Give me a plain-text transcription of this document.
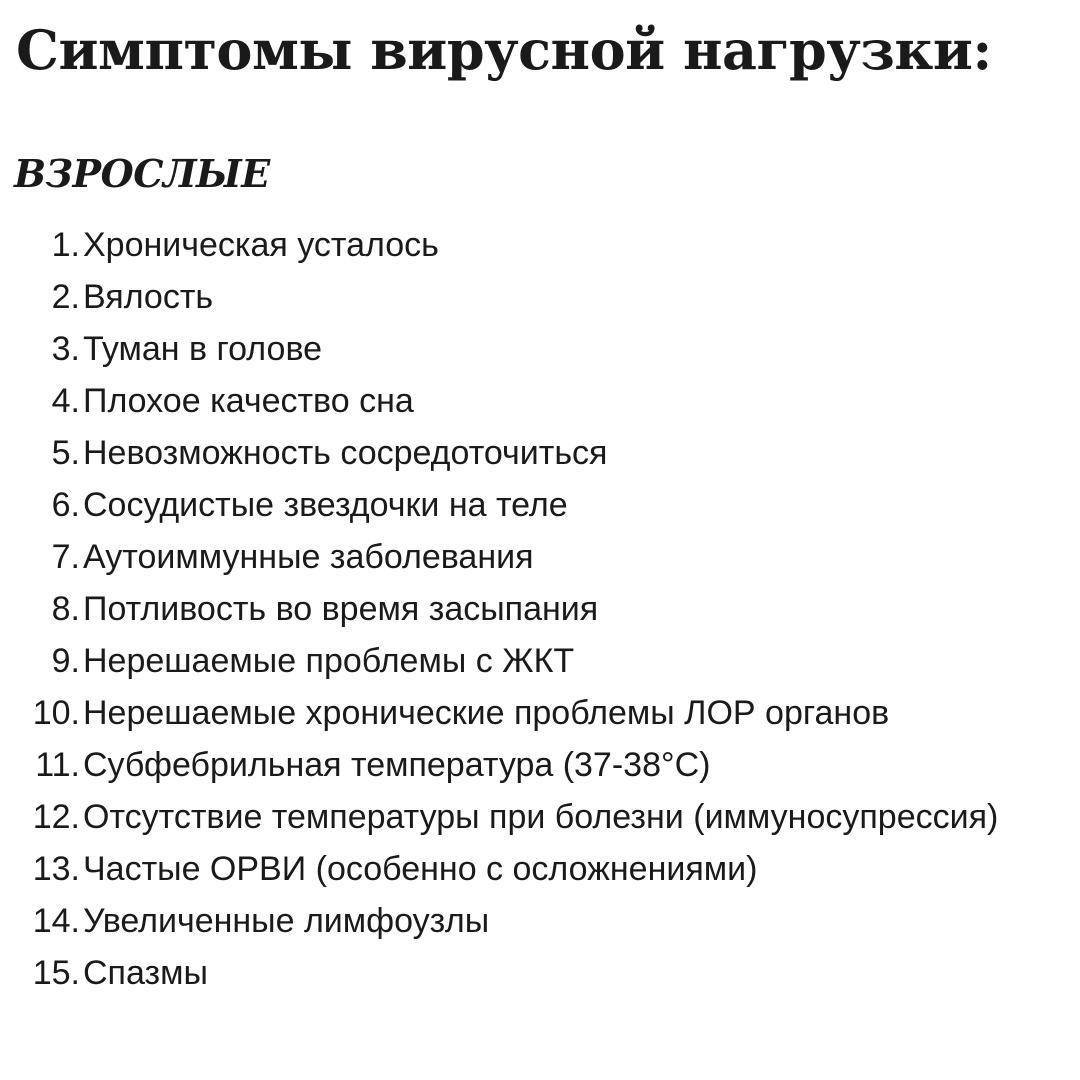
Симптомы вирусной нагрузки:
ВЗРОСЛЫЕ
1. Хроническая усталось
2. Вялость
3. Туман в голове
4. Плохое качество сна
5. Невозможность сосредоточиться
6. Сосудистые звездочки на теле
7. Аутоиммунные заболевания
8. Потливость во время засыпания
9. Нерешаемые проблемы с ЖКТ
10. Нерешаемые хронические проблемы ЛОР органов
11. Субфебрильная температура (37-38°С)
12. Отсутствие температуры при болезни (иммуносупрессия)
13. Частые ОРВИ (особенно с осложнениями)
14. Увеличенные лимфоузлы
15. Спазмы
